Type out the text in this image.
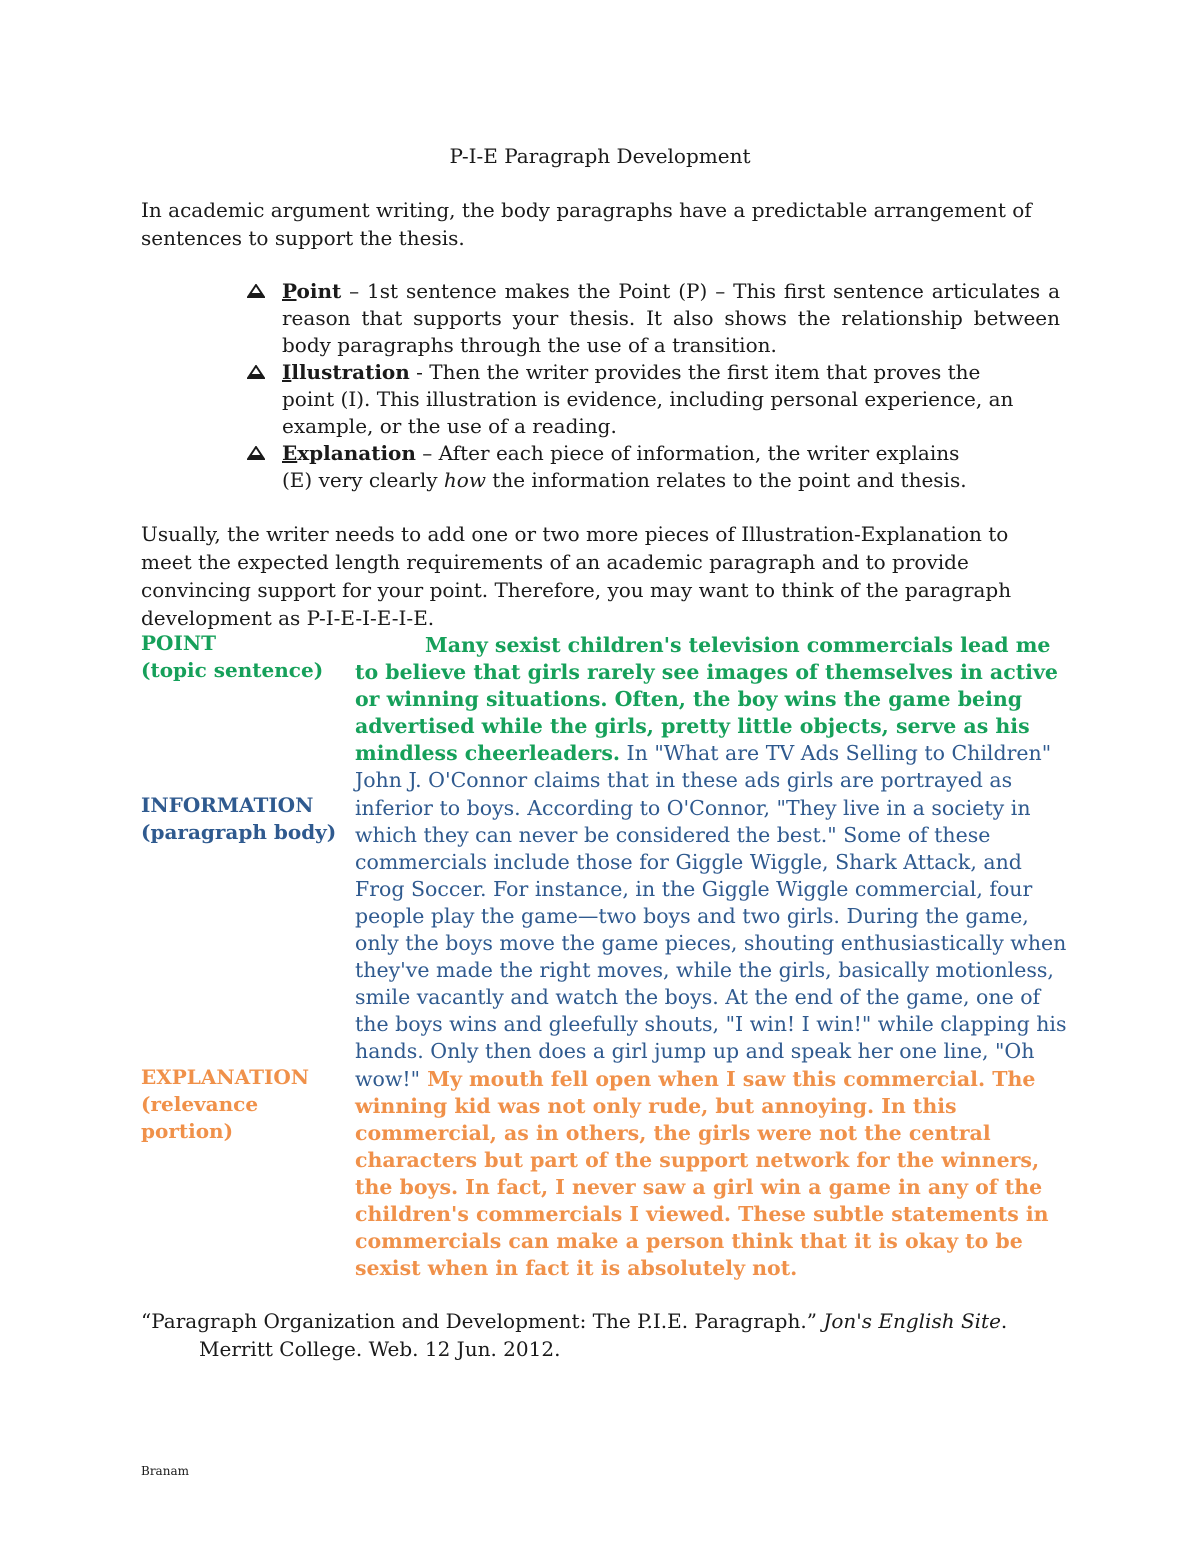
P-I-E Paragraph Development

In academic argument writing, the body paragraphs have a predictable arrangement of sentences to support the thesis.

Point – 1st sentence makes the Point (P) – This first sentence articulates a reason that supports your thesis. It also shows the relationship between body paragraphs through the use of a transition.
Illustration - Then the writer provides the first item that proves the point (I). This illustration is evidence, including personal experience, an example, or the use of a reading.
Explanation – After each piece of information, the writer explains (E) very clearly how the information relates to the point and thesis.

Usually, the writer needs to add one or two more pieces of Illustration-Explanation to meet the expected length requirements of an academic paragraph and to provide convincing support for your point. Therefore, you may want to think of the paragraph development as P-I-E-I-E-I-E.

POINT
(topic sentence)

INFORMATION
(paragraph body)

EXPLANATION
(relevance portion)

Many sexist children's television commercials lead me to believe that girls rarely see images of themselves in active or winning situations. Often, the boy wins the game being advertised while the girls, pretty little objects, serve as his mindless cheerleaders. In "What are TV Ads Selling to Children" John J. O'Connor claims that in these ads girls are portrayed as inferior to boys. According to O'Connor, "They live in a society in which they can never be considered the best." Some of these commercials include those for Giggle Wiggle, Shark Attack, and Frog Soccer. For instance, in the Giggle Wiggle commercial, four people play the game—two boys and two girls. During the game, only the boys move the game pieces, shouting enthusiastically when they've made the right moves, while the girls, basically motionless, smile vacantly and watch the boys. At the end of the game, one of the boys wins and gleefully shouts, "I win! I win!" while clapping his hands. Only then does a girl jump up and speak her one line, "Oh wow!" My mouth fell open when I saw this commercial. The winning kid was not only rude, but annoying. In this commercial, as in others, the girls were not the central characters but part of the support network for the winners, the boys. In fact, I never saw a girl win a game in any of the children's commercials I viewed. These subtle statements in commercials can make a person think that it is okay to be sexist when in fact it is absolutely not.

“Paragraph Organization and Development: The P.I.E. Paragraph.” Jon's English Site. Merritt College. Web. 12 Jun. 2012.

Branam
